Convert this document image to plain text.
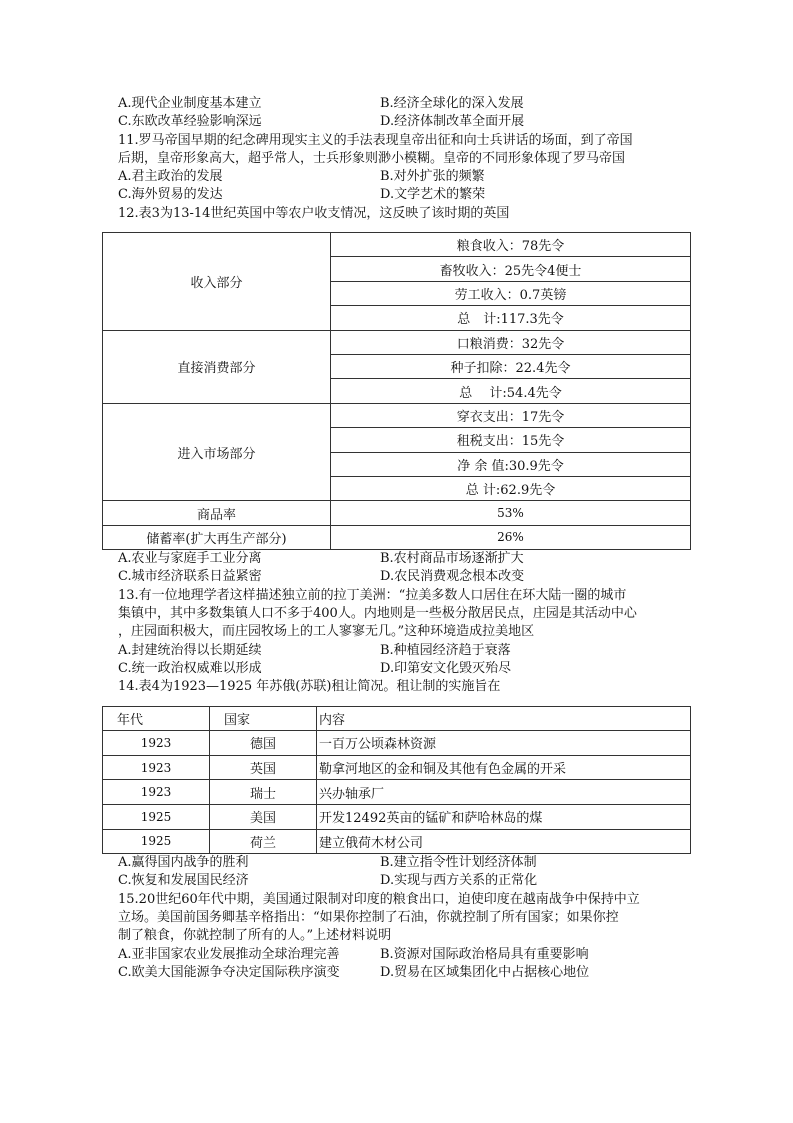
A.现代企业制度基本建立	B.经济全球化的深入发展
C.东欧改革经验影响深远	D.经济体制改革全面开展
11.罗马帝国早期的纪念碑用现实主义的手法表现皇帝出征和向士兵讲话的场面，到了帝国
后期，皇帝形象高大，超乎常人，士兵形象则渺小模糊。皇帝的不同形象体现了罗马帝国
A.君主政治的发展	B.对外扩张的频繁
C.海外贸易的发达	D.文学艺术的繁荣
12.表3为13-14世纪英国中等农户收支情况，这反映了该时期的英国
收入部分	粮食收入：78先令
	畜牧收入：25先令4便士
	劳工收入：0.7英镑
	总　计:117.3先令
直接消费部分	口粮消费：32先令
	种子扣除：22.4先令
	总　 计:54.4先令
进入市场部分	穿衣支出：17先令
	租税支出：15先令
	净 余 值:30.9先令
	总 计:62.9先令
商品率	53%
储蓄率(扩大再生产部分)	26%
A.农业与家庭手工业分离	B.农村商品市场逐渐扩大
C.城市经济联系日益紧密	D.农民消费观念根本改变
13.有一位地理学者这样描述独立前的拉丁美洲：“拉美多数人口居住在环大陆一圈的城市
集镇中，其中多数集镇人口不多于400人。内地则是一些极分散居民点，庄园是其活动中心
，庄园面积极大，而庄园牧场上的工人寥寥无几。”这种环境造成拉美地区
A.封建统治得以长期延续	B.种植园经济趋于衰落
C.统一政治权威难以形成	D.印第安文化毁灭殆尽
14.表4为1923—1925 年苏俄(苏联)租让简况。租让制的实施旨在
年代	国家	内容
1923	德国	一百万公顷森林资源
1923	英国	勒拿河地区的金和铜及其他有色金属的开采
1923	瑞士	兴办轴承厂
1925	美国	开发12492英亩的锰矿和萨哈林岛的煤
1925	荷兰	建立俄荷木材公司
A.赢得国内战争的胜利	B.建立指令性计划经济体制
C.恢复和发展国民经济	D.实现与西方关系的正常化
15.20世纪60年代中期，美国通过限制对印度的粮食出口，迫使印度在越南战争中保持中立
立场。美国前国务卿基辛格指出：“如果你控制了石油，你就控制了所有国家；如果你控
制了粮食，你就控制了所有的人。”上述材料说明
A.亚非国家农业发展推动全球治理完善	B.资源对国际政治格局具有重要影响
C.欧美大国能源争夺决定国际秩序演变	D.贸易在区域集团化中占据核心地位
